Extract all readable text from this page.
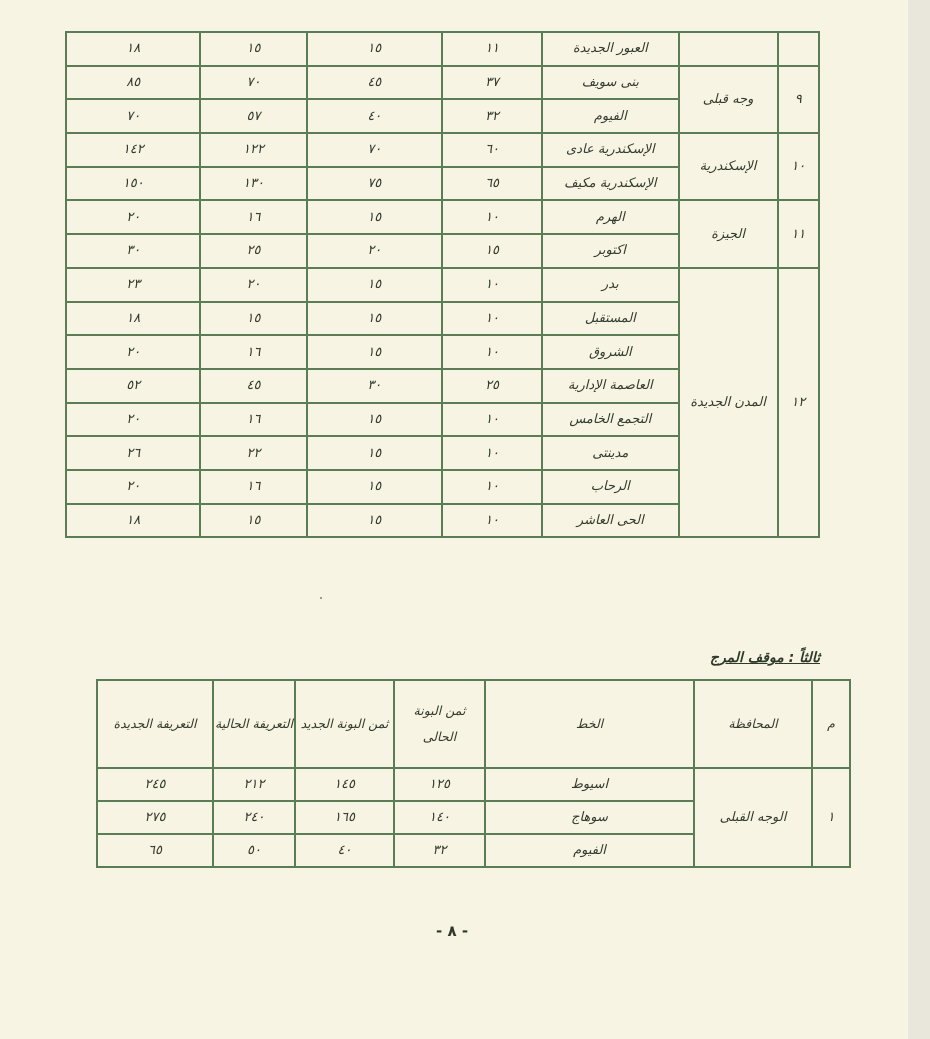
		العبور الجديدة	١١	١٥	١٥	١٨
٩	وجه قبلى	بنى سويف	٣٧	٤٥	٧٠	٨٥
		الفيوم	٣٢	٤٠	٥٧	٧٠
١٠	الإسكندرية	الإسكندرية عادى	٦٠	٧٠	١٢٢	١٤٢
		الإسكندرية مكيف	٦٥	٧٥	١٣٠	١٥٠
١١	الجيزة	الهرم	١٠	١٥	١٦	٢٠
		اكتوبر	١٥	٢٠	٢٥	٣٠
١٢	المدن الجديدة	بدر	١٠	١٥	٢٠	٢٣
		المستقبل	١٠	١٥	١٥	١٨
		الشروق	١٠	١٥	١٦	٢٠
		العاصمة الإدارية	٢٥	٣٠	٤٥	٥٢
		التجمع الخامس	١٠	١٥	١٦	٢٠
		مدينتى	١٠	١٥	٢٢	٢٦
		الرحاب	١٠	١٥	١٦	٢٠
		الحى العاشر	١٠	١٥	١٥	١٨
ثالثاً : موقف المرج
م	المحافظة	الخط	ثمن البونة الحالى	ثمن البونة الجديد	التعريفة الحالية	التعريفة الجديدة
١	الوجه القبلى	اسيوط	١٢٥	١٤٥	٢١٢	٢٤٥
		سوهاج	١٤٠	١٦٥	٢٤٠	٢٧٥
		الفيوم	٣٢	٤٠	٥٠	٦٥
- ٨ -
